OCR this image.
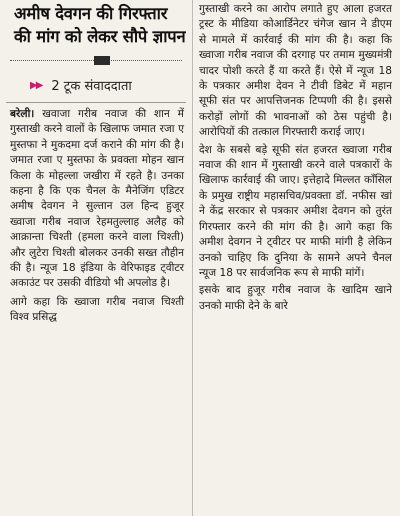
अमीष देवगन की गिरफ्तार की मांग को लेकर सौपे ज्ञापन
▶▶ 2 टूक संवाददाता

बरेली। खवाजा गरीब नवाज की शान में गुस्ताखी करने वालों के खिलाफ जमात रजा ए मुस्तफा ने मुकदमा दर्ज कराने की मांग की है। जमात रजा ए मुस्तफा के प्रवक्ता मोहन खान किला के मोहल्ला जखीरा में रहते है। उनका कहना है कि एक चैनल के मैनेजिंग एडिटर अमीष देवगन ने सुल्तान उल हिन्द हुजूर ख्वाजा गरीब नवाज रेहमतुल्लाह अलैह को आक्रान्ता चिश्ती (हमला करने वाला चिश्ती) और लुटेरा चिश्ती बोलकर उनकी सख्त तौहीन की है। न्यूज 18 इंडिया के वेरिफाइड ट्वीटर अकाउंट पर उसकी वीडियो भी अपलोड है।

आगे कहा कि ख्वाजा गरीब नवाज चिश्ती विश्व प्रसिद्ध

गुस्ताखी करने का आरोप लगाते हुए आला हजरत ट्रस्ट के मीडिया कोआर्डिनेटर चंगेज खान ने डीएम से मामले में कार्रवाई की मांग की है। कहा कि ख्वाजा गरीब नवाज की दरगाह पर तमाम मुख्यमंत्री चादर पोशी करते हैं या करते हैं। ऐसे में न्यूज 18 के पत्रकार अमीश देवन ने टीवी डिबेट में महान सूफी संत पर आपत्तिजनक टिप्पणी की है। इससे करोड़ों लोगों की भावनाओं को ठेस पहुंची है। आरोपियों की तत्काल गिरफ्तारी कराई जाए।

देश के सबसे बड़े सूफी संत हजरत ख्वाजा गरीब नवाज की शान में गुस्ताखी करने वाले पत्रकारों के खिलाफ कार्रवाई की जाए। इत्तेहादे मिल्लत कॉंसिल के प्रमुख राष्ट्रीय महासचिव/प्रवक्ता डॉ. नफीस खां ने केंद्र सरकार से पत्रकार अमीश देवगन को तुरंत गिरफ्तार करने की मांग की है। आगे कहा कि अमीश देवगन ने ट्वीटर पर माफी मांगी है लेकिन उनको चाहिए कि दुनिया के सामने अपने चैनल न्यूज 18 पर सार्वजनिक रूप से माफी मांगें।

इसके बाद हुजूर गरीब नवाज के खादिम खाने उनको माफी देने के बारे
